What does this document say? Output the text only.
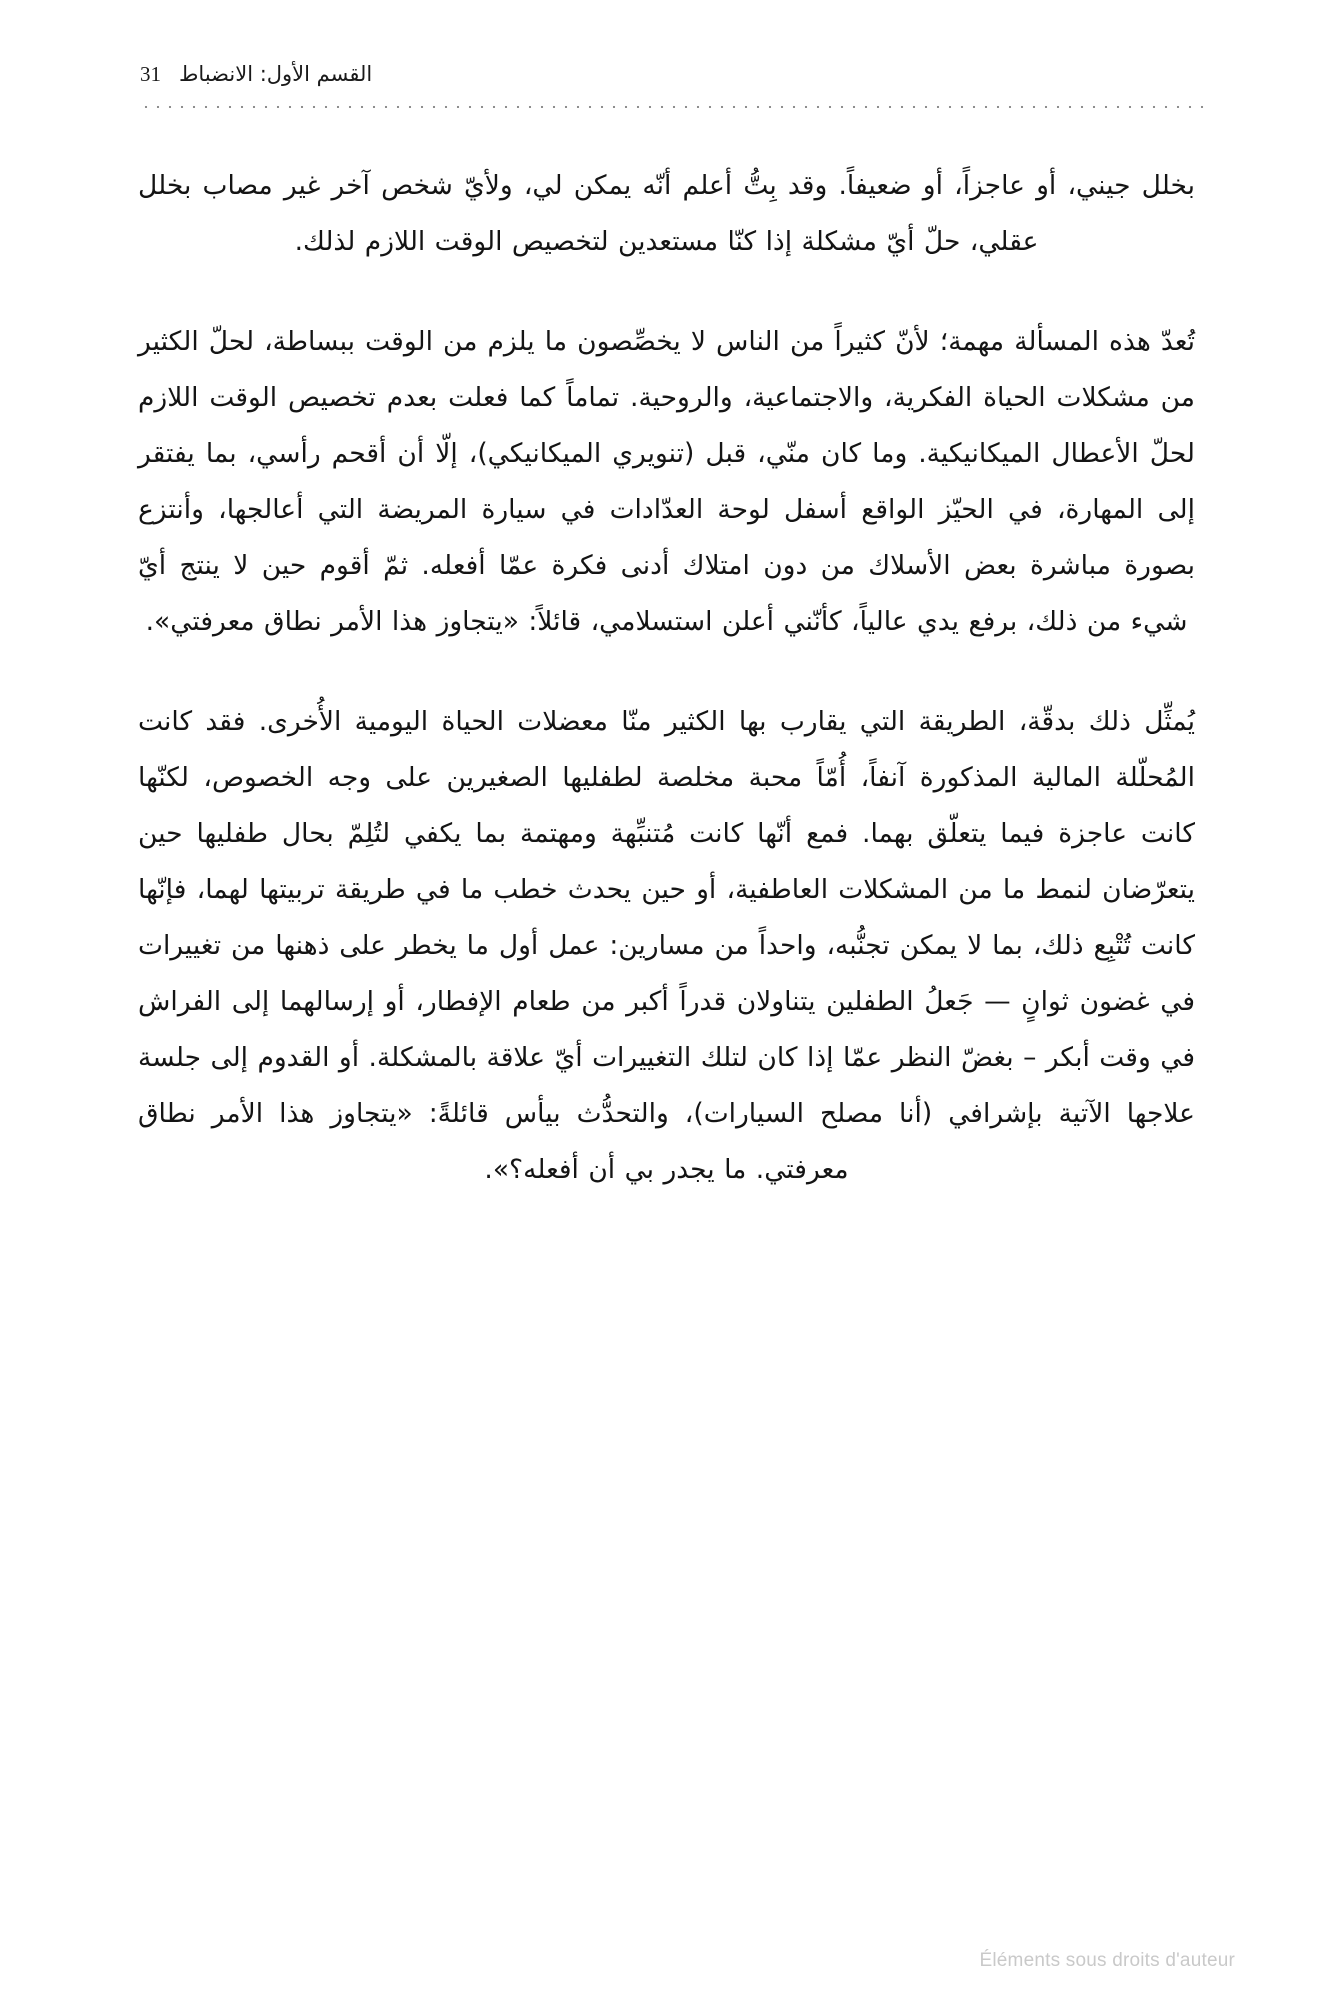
31 القسم الأول: الانضباط

بخلل جيني، أو عاجزاً، أو ضعيفاً. وقد بِتُّ أعلم أنّه يمكن لي، ولأيّ شخص آخر غير مصاب بخلل عقلي، حلّ أيّ مشكلة إذا كنّا مستعدين لتخصيص الوقت اللازم لذلك.

تُعدّ هذه المسألة مهمة؛ لأنّ كثيراً من الناس لا يخصِّصون ما يلزم من الوقت ببساطة، لحلّ الكثير من مشكلات الحياة الفكرية، والاجتماعية، والروحية. تماماً كما فعلت بعدم تخصيص الوقت اللازم لحلّ الأعطال الميكانيكية. وما كان منّي، قبل (تنويري الميكانيكي)، إلّا أن أقحم رأسي، بما يفتقر إلى المهارة، في الحيّز الواقع أسفل لوحة العدّادات في سيارة المريضة التي أعالجها، وأنتزع بصورة مباشرة بعض الأسلاك من دون امتلاك أدنى فكرة عمّا أفعله. ثمّ أقوم حين لا ينتج أيّ شيء من ذلك، برفع يدي عالياً، كأنّني أعلن استسلامي، قائلاً: «يتجاوز هذا الأمر نطاق معرفتي».

يُمثِّل ذلك بدقّة، الطريقة التي يقارب بها الكثير منّا معضلات الحياة اليومية الأُخرى. فقد كانت المُحلّلة المالية المذكورة آنفاً، أُمّاً محبة مخلصة لطفليها الصغيرين على وجه الخصوص، لكنّها كانت عاجزة فيما يتعلّق بهما. فمع أنّها كانت مُتنبِّهة ومهتمة بما يكفي لتُلِمّ بحال طفليها حين يتعرّضان لنمط ما من المشكلات العاطفية، أو حين يحدث خطب ما في طريقة تربيتها لهما، فإنّها كانت تُتْبِع ذلك، بما لا يمكن تجنُّبه، واحداً من مسارين: عمل أول ما يخطر على ذهنها من تغييرات في غضون ثوانٍ — جَعلُ الطفلين يتناولان قدراً أكبر من طعام الإفطار، أو إرسالهما إلى الفراش في وقت أبكر – بغضّ النظر عمّا إذا كان لتلك التغييرات أيّ علاقة بالمشكلة. أو القدوم إلى جلسة علاجها الآتية بإشرافي (أنا مصلح السيارات)، والتحدُّث بيأس قائلةً: «يتجاوز هذا الأمر نطاق معرفتي. ما يجدر بي أن أفعله؟».

Éléments sous droits d'auteur
